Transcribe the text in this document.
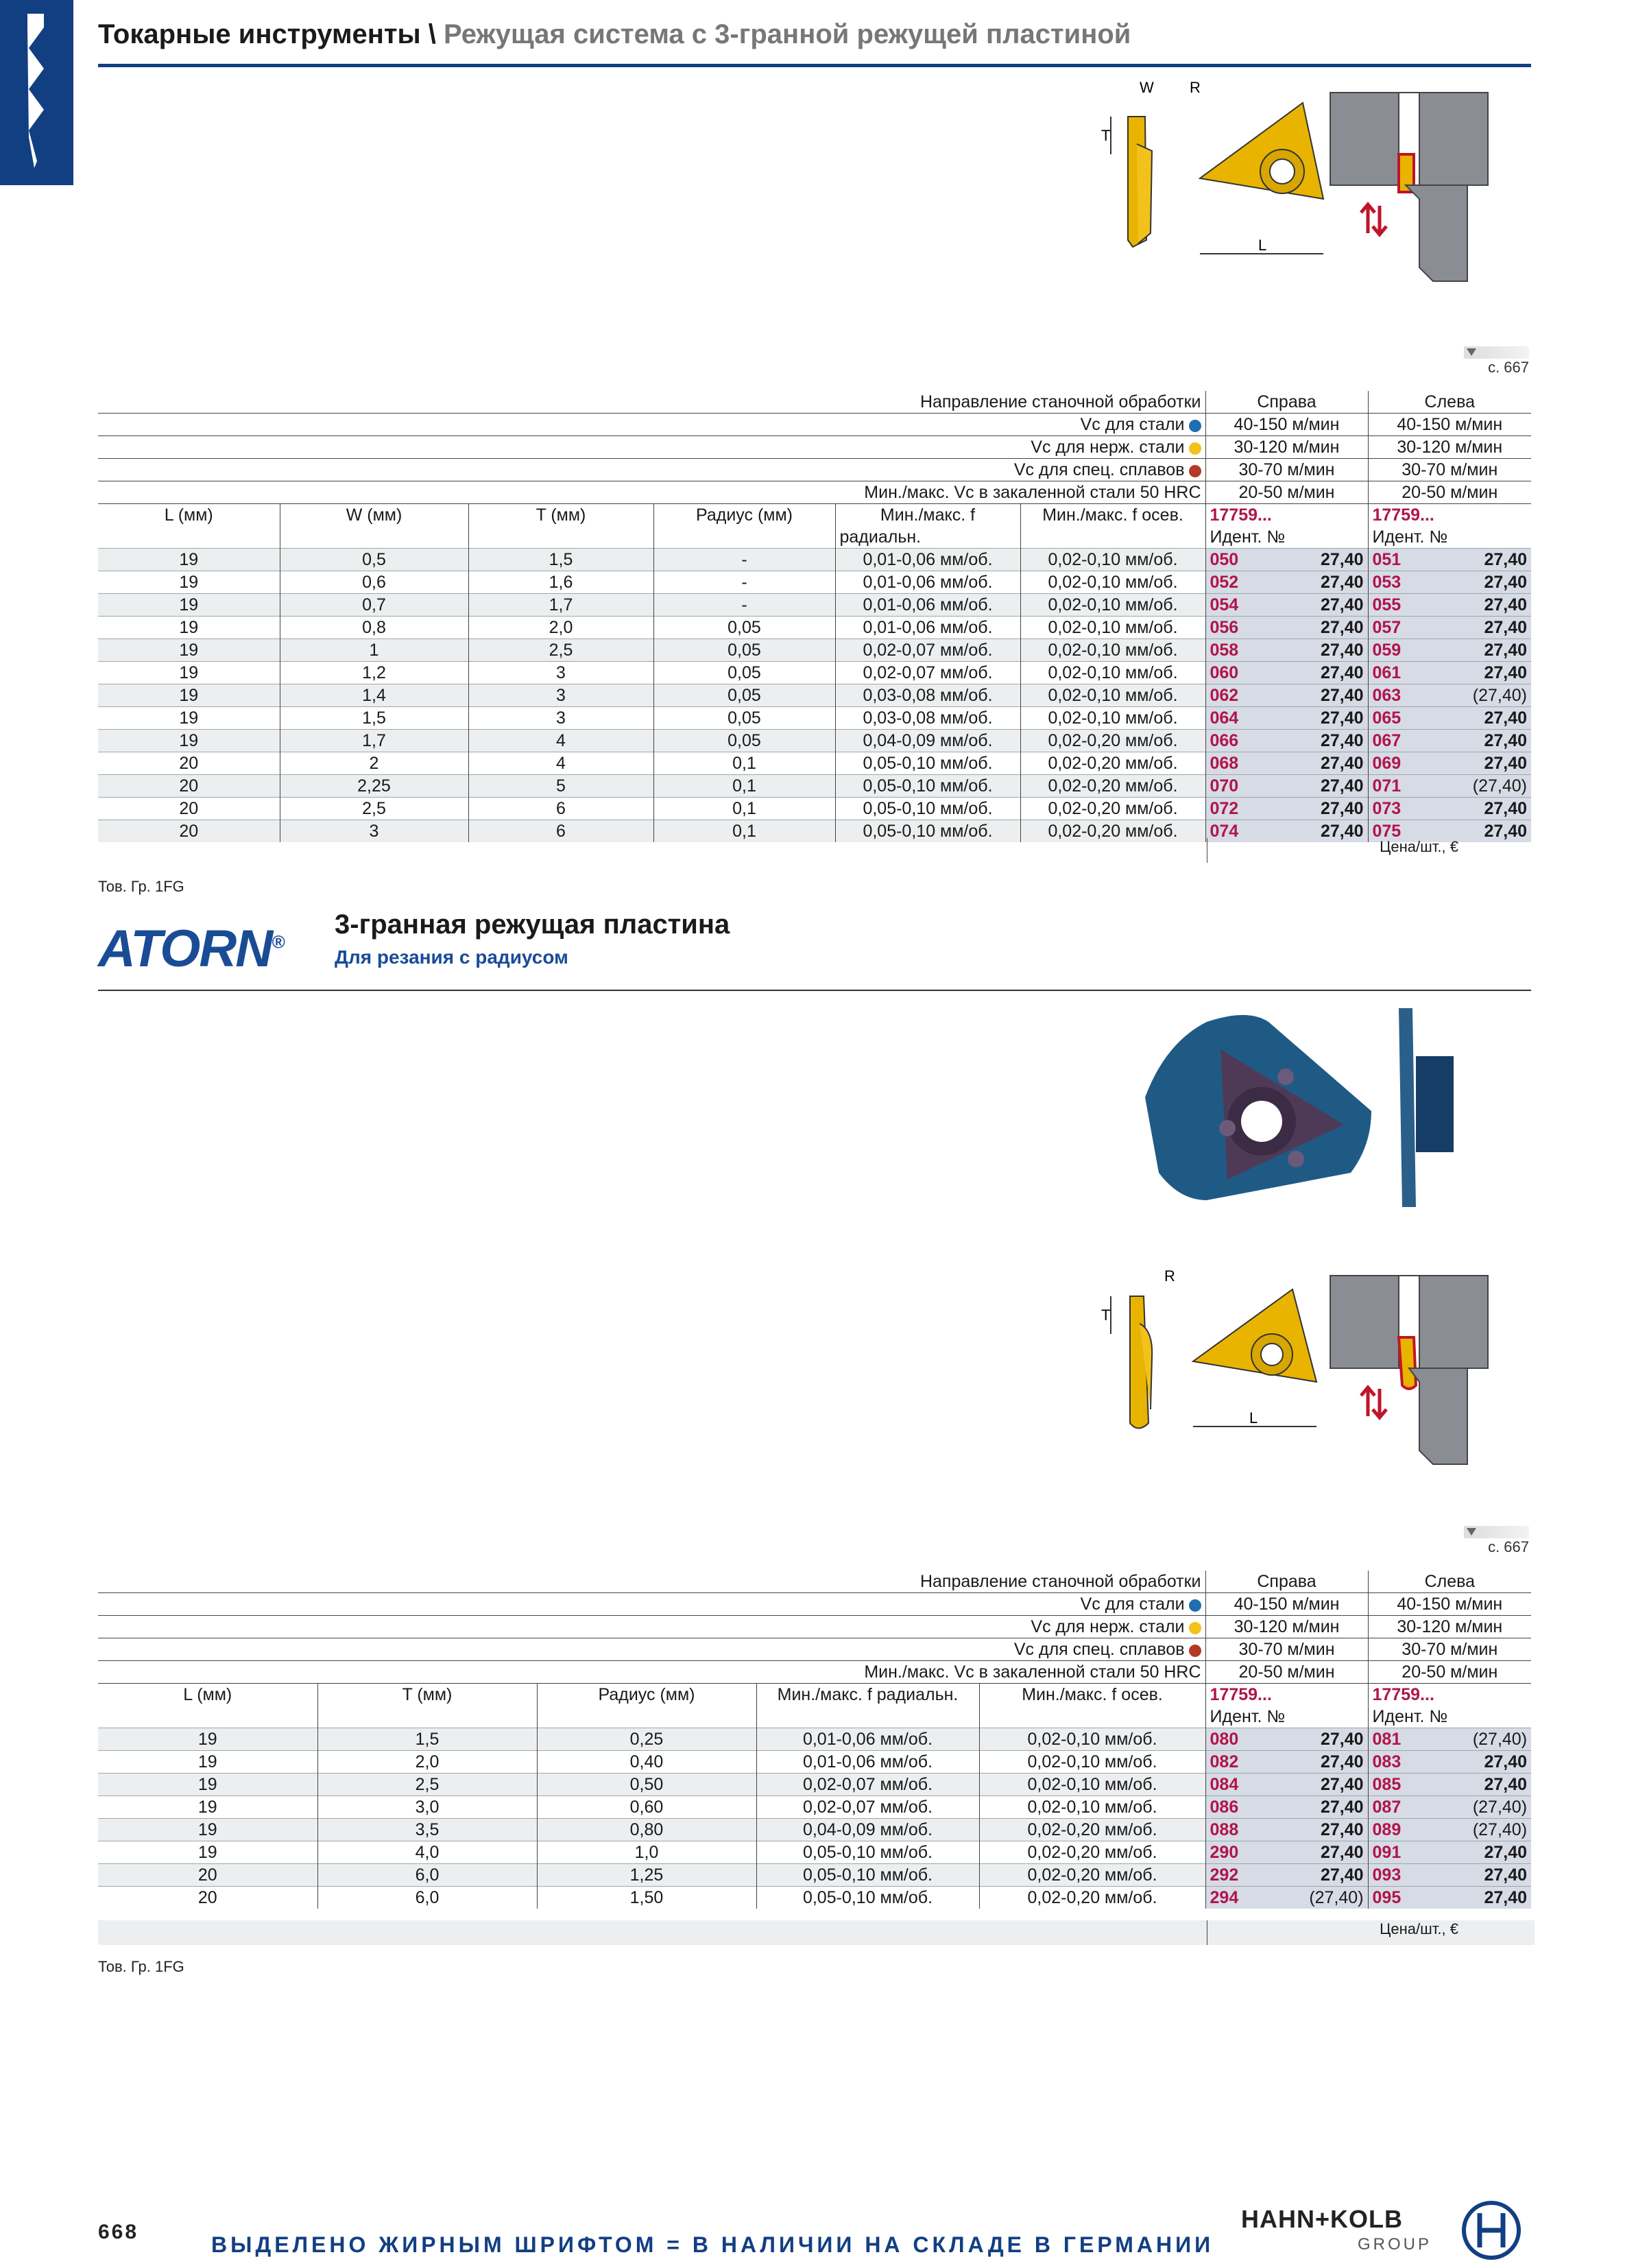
Токарные инструменты \ Режущая система с 3-гранной режущей пластиной
T
W R
L
с. 667
Направление станочной обработки						Справа		Слева	
Vc для стали						40-150 м/мин		40-150 м/мин	
Vc для нерж. стали						30-120 м/мин		30-120 м/мин	
Vc для спец. сплавов						30-70 м/мин		30-70 м/мин	
Мин./макс. Vc в закаленной стали 50 HRC						20-50 м/мин		20-50 м/мин	
L (мм)	W (мм)	T (мм)	Радиус (мм)	Мин./макс. f	Мин./макс. f осев.	17759...		17759...	
				радиальн.		Идент. №		Идент. №	
19	0,5	1,5	-	0,01-0,06 мм/об.	0,02-0,10 мм/об.	050	27,40	051	27,40
19	0,6	1,6	-	0,01-0,06 мм/об.	0,02-0,10 мм/об.	052	27,40	053	27,40
19	0,7	1,7	-	0,01-0,06 мм/об.	0,02-0,10 мм/об.	054	27,40	055	27,40
19	0,8	2,0	0,05	0,01-0,06 мм/об.	0,02-0,10 мм/об.	056	27,40	057	27,40
19	1	2,5	0,05	0,02-0,07 мм/об.	0,02-0,10 мм/об.	058	27,40	059	27,40
19	1,2	3	0,05	0,02-0,07 мм/об.	0,02-0,10 мм/об.	060	27,40	061	27,40
19	1,4	3	0,05	0,03-0,08 мм/об.	0,02-0,10 мм/об.	062	27,40	063	(27,40)
19	1,5	3	0,05	0,03-0,08 мм/об.	0,02-0,10 мм/об.	064	27,40	065	27,40
19	1,7	4	0,05	0,04-0,09 мм/об.	0,02-0,20 мм/об.	066	27,40	067	27,40
20	2	4	0,1	0,05-0,10 мм/об.	0,02-0,20 мм/об.	068	27,40	069	27,40
20	2,25	5	0,1	0,05-0,10 мм/об.	0,02-0,20 мм/об.	070	27,40	071	(27,40)
20	2,5	6	0,1	0,05-0,10 мм/об.	0,02-0,20 мм/об.	072	27,40	073	27,40
20	3	6	0,1	0,05-0,10 мм/об.	0,02-0,20 мм/об.	074	27,40	075	27,40
Цена/шт., €
Тов. Гр. 1FG
ATORN®
3-гранная режущая пластина
Для резания с радиусом
T
R
L
с. 667
Направление станочной обработки					Справа		Слева	
Vc для стали					40-150 м/мин		40-150 м/мин	
Vc для нерж. стали					30-120 м/мин		30-120 м/мин	
Vc для спец. сплавов					30-70 м/мин		30-70 м/мин	
Мин./макс. Vc в закаленной стали 50 HRC					20-50 м/мин		20-50 м/мин	
L (мм)	T (мм)	Радиус (мм)	Мин./макс. f радиальн.	Мин./макс. f осев.	17759...		17759...	
					Идент. №		Идент. №	
19	1,5	0,25	0,01-0,06 мм/об.	0,02-0,10 мм/об.	080	27,40	081	(27,40)
19	2,0	0,40	0,01-0,06 мм/об.	0,02-0,10 мм/об.	082	27,40	083	27,40
19	2,5	0,50	0,02-0,07 мм/об.	0,02-0,10 мм/об.	084	27,40	085	27,40
19	3,0	0,60	0,02-0,07 мм/об.	0,02-0,10 мм/об.	086	27,40	087	(27,40)
19	3,5	0,80	0,04-0,09 мм/об.	0,02-0,20 мм/об.	088	27,40	089	(27,40)
19	4,0	1,0	0,05-0,10 мм/об.	0,02-0,20 мм/об.	290	27,40	091	27,40
20	6,0	1,25	0,05-0,10 мм/об.	0,02-0,20 мм/об.	292	27,40	093	27,40
20	6,0	1,50	0,05-0,10 мм/об.	0,02-0,20 мм/об.	294	(27,40)	095	27,40
Цена/шт., €
Тов. Гр. 1FG
668
ВЫДЕЛЕНО ЖИРНЫМ ШРИФТОМ = В НАЛИЧИИ НА СКЛАДЕ В ГЕРМАНИИ
HAHN+KOLB
GROUP
